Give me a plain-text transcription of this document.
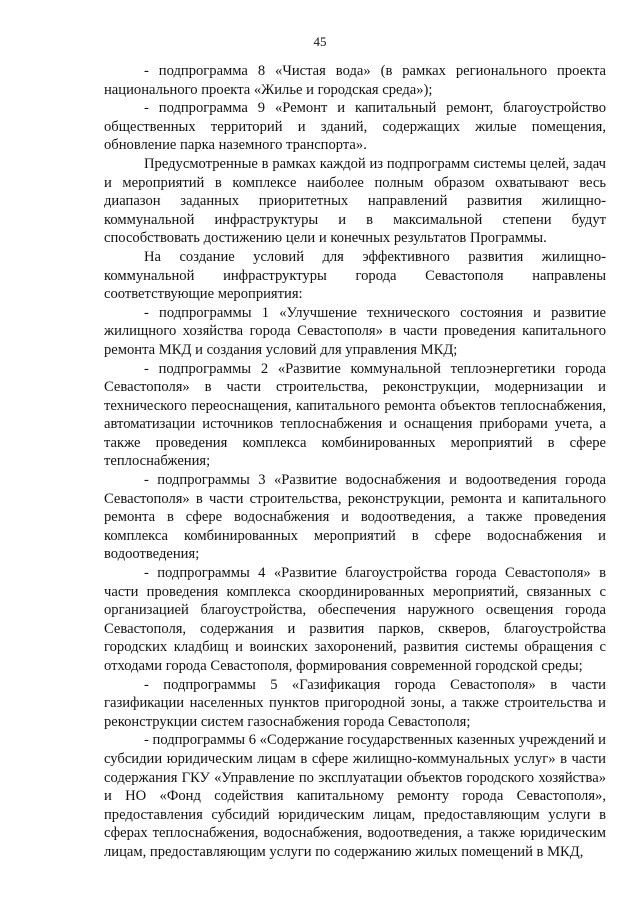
45

- подпрограмма 8 «Чистая вода» (в рамках регионального проекта национального проекта «Жилье и городская среда»);

- подпрограмма 9 «Ремонт и капитальный ремонт, благоустройство общественных территорий и зданий, содержащих жилые помещения, обновление парка наземного транспорта».

Предусмотренные в рамках каждой из подпрограмм системы целей, задач и мероприятий в комплексе наиболее полным образом охватывают весь диапазон заданных приоритетных направлений развития жилищно-коммунальной инфраструктуры и в максимальной степени будут способствовать достижению цели и конечных результатов Программы.

На создание условий для эффективного развития жилищно-коммунальной инфраструктуры города Севастополя направлены соответствующие мероприятия:

- подпрограммы 1 «Улучшение технического состояния и развитие жилищного хозяйства города Севастополя» в части проведения капитального ремонта МКД и создания условий для управления МКД;

- подпрограммы 2 «Развитие коммунальной теплоэнергетики города Севастополя» в части строительства, реконструкции, модернизации и технического переоснащения, капитального ремонта объектов теплоснабжения, автоматизации источников теплоснабжения и оснащения приборами учета, а также проведения комплекса комбинированных мероприятий в сфере теплоснабжения;

- подпрограммы 3 «Развитие водоснабжения и водоотведения города Севастополя» в части строительства, реконструкции, ремонта и капитального ремонта в сфере водоснабжения и водоотведения, а также проведения комплекса комбинированных мероприятий в сфере водоснабжения и водоотведения;

- подпрограммы 4 «Развитие благоустройства города Севастополя» в части проведения комплекса скоординированных мероприятий, связанных с организацией благоустройства, обеспечения наружного освещения города Севастополя, содержания и развития парков, скверов, благоустройства городских кладбищ и воинских захоронений, развития системы обращения с отходами города Севастополя, формирования современной городской среды;

- подпрограммы 5 «Газификация города Севастополя» в части газификации населенных пунктов пригородной зоны, а также строительства и реконструкции систем газоснабжения города Севастополя;

- подпрограммы 6 «Содержание государственных казенных учреждений и субсидии юридическим лицам в сфере жилищно-коммунальных услуг» в части содержания ГКУ «Управление по эксплуатации объектов городского хозяйства» и НО «Фонд содействия капитальному ремонту города Севастополя», предоставления субсидий юридическим лицам, предоставляющим услуги в сферах теплоснабжения, водоснабжения, водоотведения, а также юридическим лицам, предоставляющим услуги по содержанию жилых помещений в МКД,
